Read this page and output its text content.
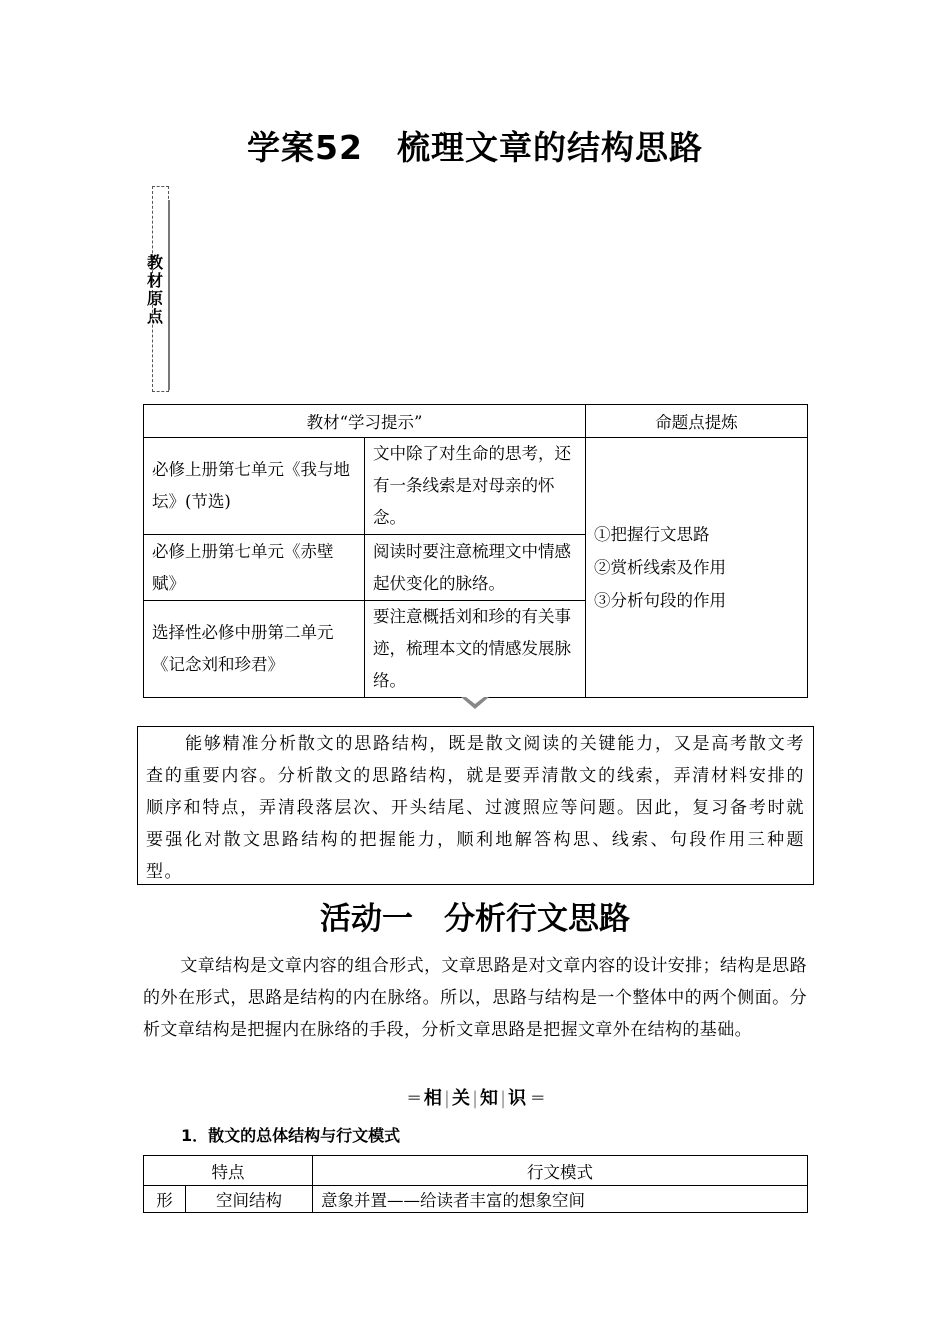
学案52　梳理文章的结构思路
教
材
原
点
教材“学习提示”		命题点提炼
必修上册第七单元《我与地坛》(节选)	文中除了对生命的思考，还有一条线索是对母亲的怀念。	①把握行文思路
②赏析线索及作用
③分析句段的作用

必修上册第七单元《赤壁赋》	阅读时要注意梳理文中情感起伏变化的脉络。	
选择性必修中册第二单元《记念刘和珍君》	要注意概括刘和珍的有关事迹，梳理本文的情感发展脉络。	
能够精准分析散文的思路结构，既是散文阅读的关键能力，又是高考散文考查的重要内容。分析散文的思路结构，就是要弄清散文的线索，弄清材料安排的顺序和特点，弄清段落层次、开头结尾、过渡照应等问题。因此，复习备考时就要强化对散文思路结构的把握能力，顺利地解答构思、线索、句段作用三种题型。
活动一　分析行文思路
文章结构是文章内容的组合形式，文章思路是对文章内容的设计安排；结构是思路的外在形式，思路是结构的内在脉络。所以，思路与结构是一个整体中的两个侧面。分析文章结构是把握内在脉络的手段，分析文章思路是把握文章外在结构的基础。
═ 相 | 关 | 知 | 识 ═
1．散文的总体结构与行文模式
特点		行文模式
形	空间结构	意象并置——给读者丰富的想象空间
